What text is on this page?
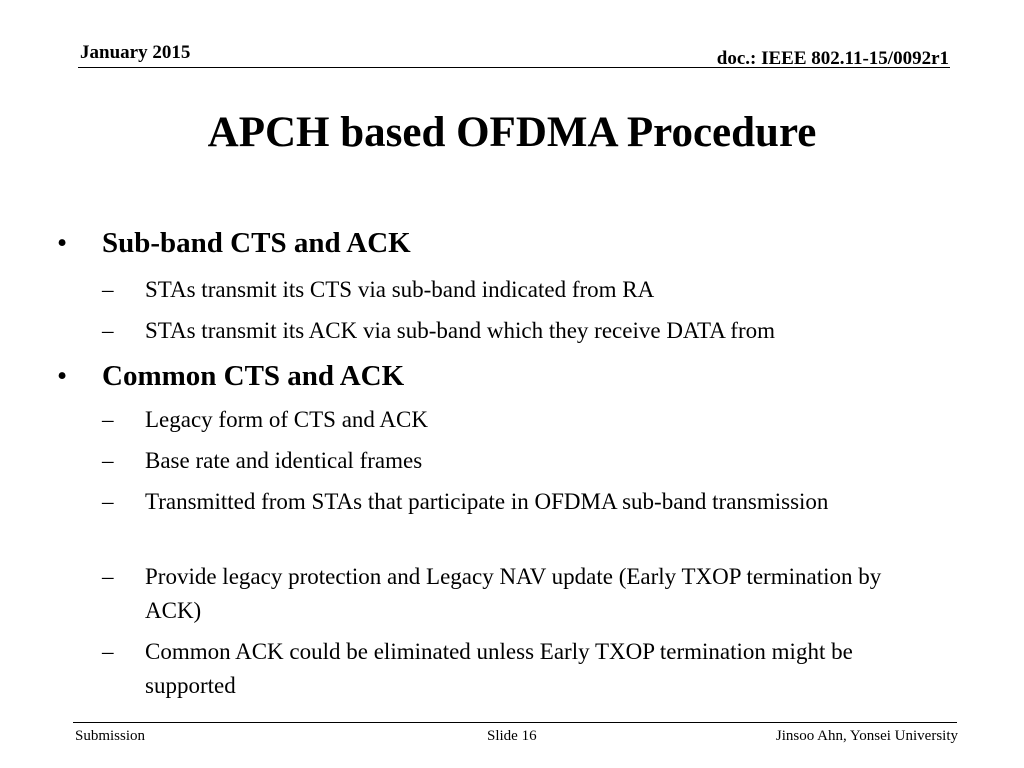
January 2015	doc.: IEEE 802.11-15/0092r1
APCH based OFDMA Procedure
•	Sub-band CTS and ACK
–	STAs transmit its CTS via sub-band indicated from RA
–	STAs transmit its ACK via sub-band which they receive DATA from
•	Common CTS and ACK
–	Legacy form of CTS and ACK
–	Base rate and identical frames
–	Transmitted from STAs that participate in OFDMA sub-band transmission
–	Provide legacy protection and Legacy NAV update (Early TXOP termination by ACK)
–	Common ACK could be eliminated unless Early TXOP termination might be supported
Submission	Slide 16	Jinsoo Ahn, Yonsei University
